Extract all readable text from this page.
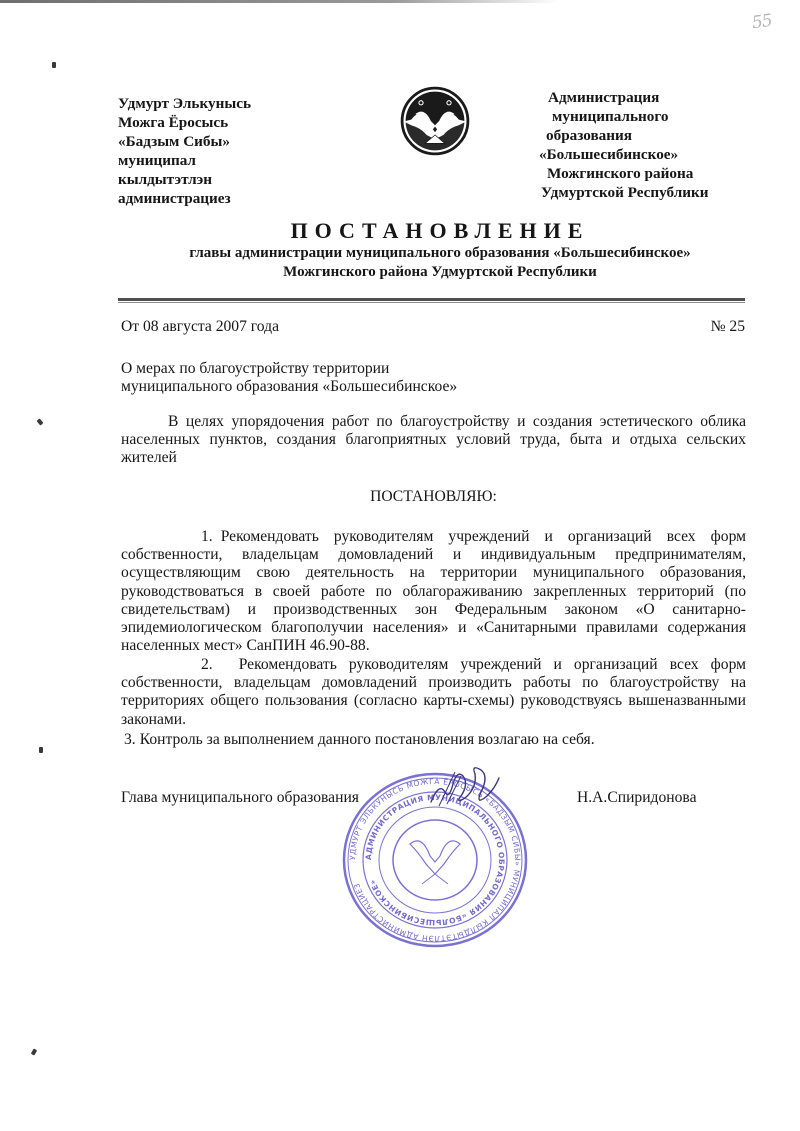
55
Удмурт Элькунысь
Можга Ёросысь
«Бадзым Сибы»
муниципал
кылдытэтлэн
администрациез
Администрация
муниципального
образования
«Большесибинское»
Можгинского района
Удмуртской Республики
ПОСТАНОВЛЕНИЕ
главы администрации муниципального образования «Большесибинское»
Можгинского района Удмуртской Республики
От 08 августа 2007 года	№ 25
О мерах по благоустройству территории
муниципального образования «Большесибинское»
В целях упорядочения работ по благоустройству и создания эстетического облика населенных пунктов, создания благоприятных условий труда, быта и отдыха сельских жителей
ПОСТАНОВЛЯЮ:
1. Рекомендовать руководителям учреждений и организаций всех форм собственности, владельцам домовладений и индивидуальным предпринимателям, осуществляющим свою деятельность на территории муниципального образования, руководствоваться в своей работе по облагораживанию закрепленных территорий (по свидетельствам) и производственных зон Федеральным законом «О санитарно-эпидемиологическом благополучии населения» и «Санитарными правилами содержания населенных мест» СанПИН 46.90-88.
2. Рекомендовать руководителям учреждений и организаций всех форм собственности, владельцам домовладений производить работы по благоустройству на территориях общего пользования (согласно карты-схемы) руководствуясь вышеназванными законами.
3. Контроль за выполнением данного постановления возлагаю на себя.
Глава муниципального образования	Н.А.Спиридонова
УДМУРТ ЭЛЬКУНЫСЬ МОЖГА ЁРОСЫСЬ «БАДЗЫМ СИБЫ» МУНИЦИПАЛ КЫЛДЫТЭТЛЭН АДМИНИСТРАЦИЕЗ
АДМИНИСТРАЦИЯ МУНИЦИПАЛЬНОГО ОБРАЗОВАНИЯ «БОЛЬШЕСИБИНСКОЕ»
